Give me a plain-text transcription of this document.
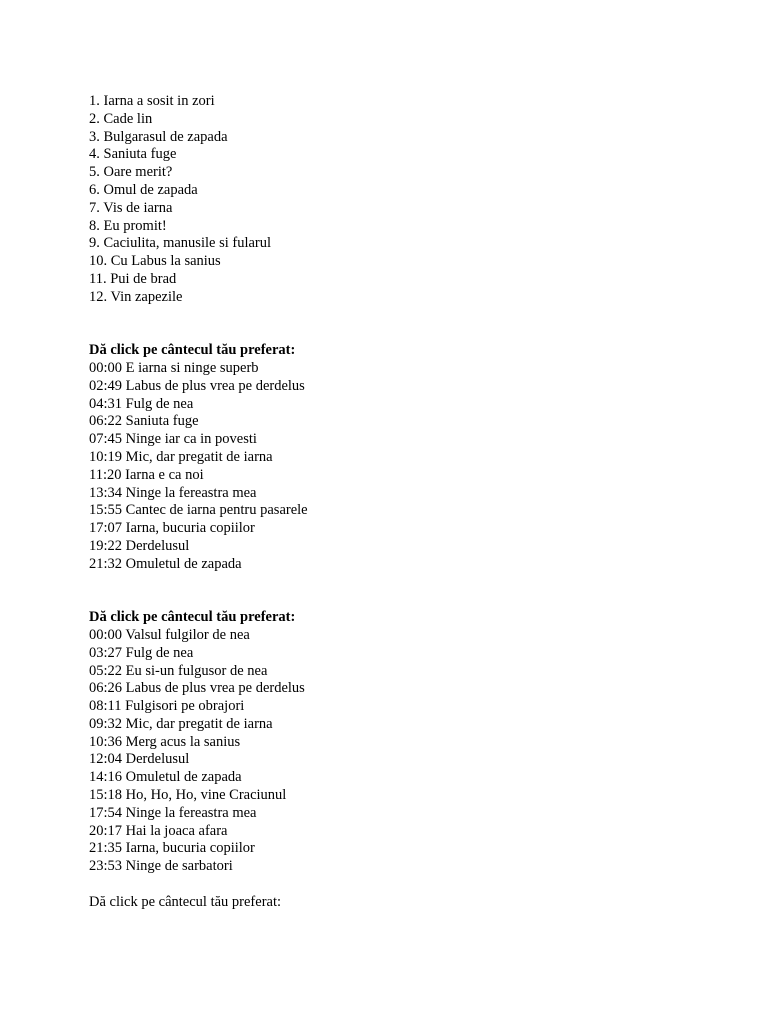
1. Iarna a sosit in zori
2. Cade lin
3. Bulgarasul de zapada
4. Saniuta fuge
5. Oare merit?
6. Omul de zapada
7. Vis de iarna
8. Eu promit!
9. Caciulita, manusile si fularul
10. Cu Labus la sanius
11. Pui de brad
12. Vin zapezile
Dă click pe cântecul tău preferat:
00:00 E iarna si ninge superb
02:49 Labus de plus vrea pe derdelus
04:31 Fulg de nea
06:22 Saniuta fuge
07:45 Ninge iar ca in povesti
10:19 Mic, dar pregatit de iarna
11:20 Iarna e ca noi
13:34 Ninge la fereastra mea
15:55 Cantec de iarna pentru pasarele
17:07 Iarna, bucuria copiilor
19:22 Derdelusul
21:32 Omuletul de zapada
Dă click pe cântecul tău preferat:
00:00 Valsul fulgilor de nea
03:27 Fulg de nea
05:22 Eu si-un fulgusor de nea
06:26 Labus de plus vrea pe derdelus
08:11 Fulgisori pe obrajori
09:32 Mic, dar pregatit de iarna
10:36 Merg acus la sanius
12:04 Derdelusul
14:16 Omuletul de zapada
15:18 Ho, Ho, Ho, vine Craciunul
17:54 Ninge la fereastra mea
20:17 Hai la joaca afara
21:35 Iarna, bucuria copiilor
23:53 Ninge de sarbatori
Dă click pe cântecul tău preferat:
